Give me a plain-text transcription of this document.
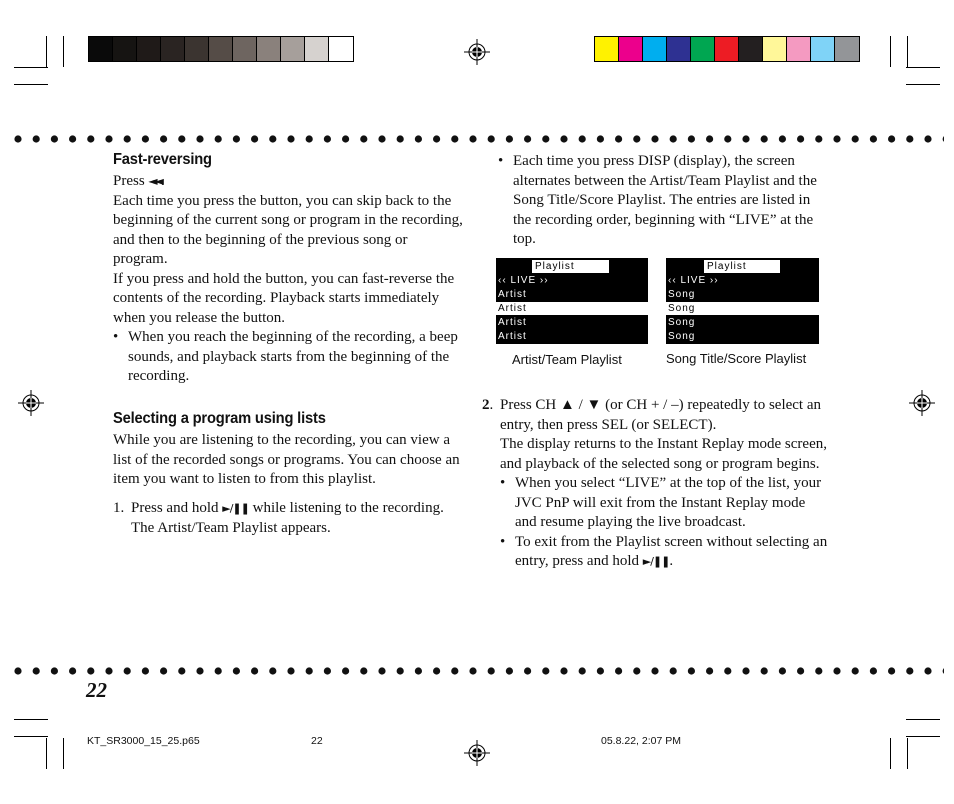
Fast-reversing

Press ◄◄.

Each time you press the button, you can skip back to the beginning of the current song or program in the recording, and then to the beginning of the previous song or program.

If you press and hold the button, you can fast-reverse the contents of the recording. Playback starts immediately when you release the button.

• When you reach the beginning of the recording, a beep sounds, and playback starts from the beginning of the recording.
Selecting a program using lists

While you are listening to the recording, you can view a list of the recorded songs or programs. You can choose an item you want to listen to from this playlist.

1. Press and hold ►/❚❚ while listening to the recording.
The Artist/Team Playlist appears.
• Each time you press DISP (display), the screen alternates between the Artist/Team Playlist and the Song Title/Score Playlist. The entries are listed in the recording order, beginning with “LIVE” at the top.
Playlist
‹‹ LIVE ››
Artist
Artist
Artist
Artist
Artist/Team Playlist
Playlist
‹‹ LIVE ››
Song
Song
Song
Song
Song Title/Score Playlist
2. Press CH ▲ / ▼ (or CH + / –) repeatedly to select an entry, then press SEL (or SELECT).
The display returns to the Instant Replay mode screen, and playback of the selected song or program begins.
• When you select “LIVE” at the top of the list, your JVC PnP will exit from the Instant Replay mode and resume playing the live broadcast.
• To exit from the Playlist screen without selecting an entry, press and hold ►/❚❚.
22
KT_SR3000_15_25.p65	22	05.8.22, 2:07 PM
